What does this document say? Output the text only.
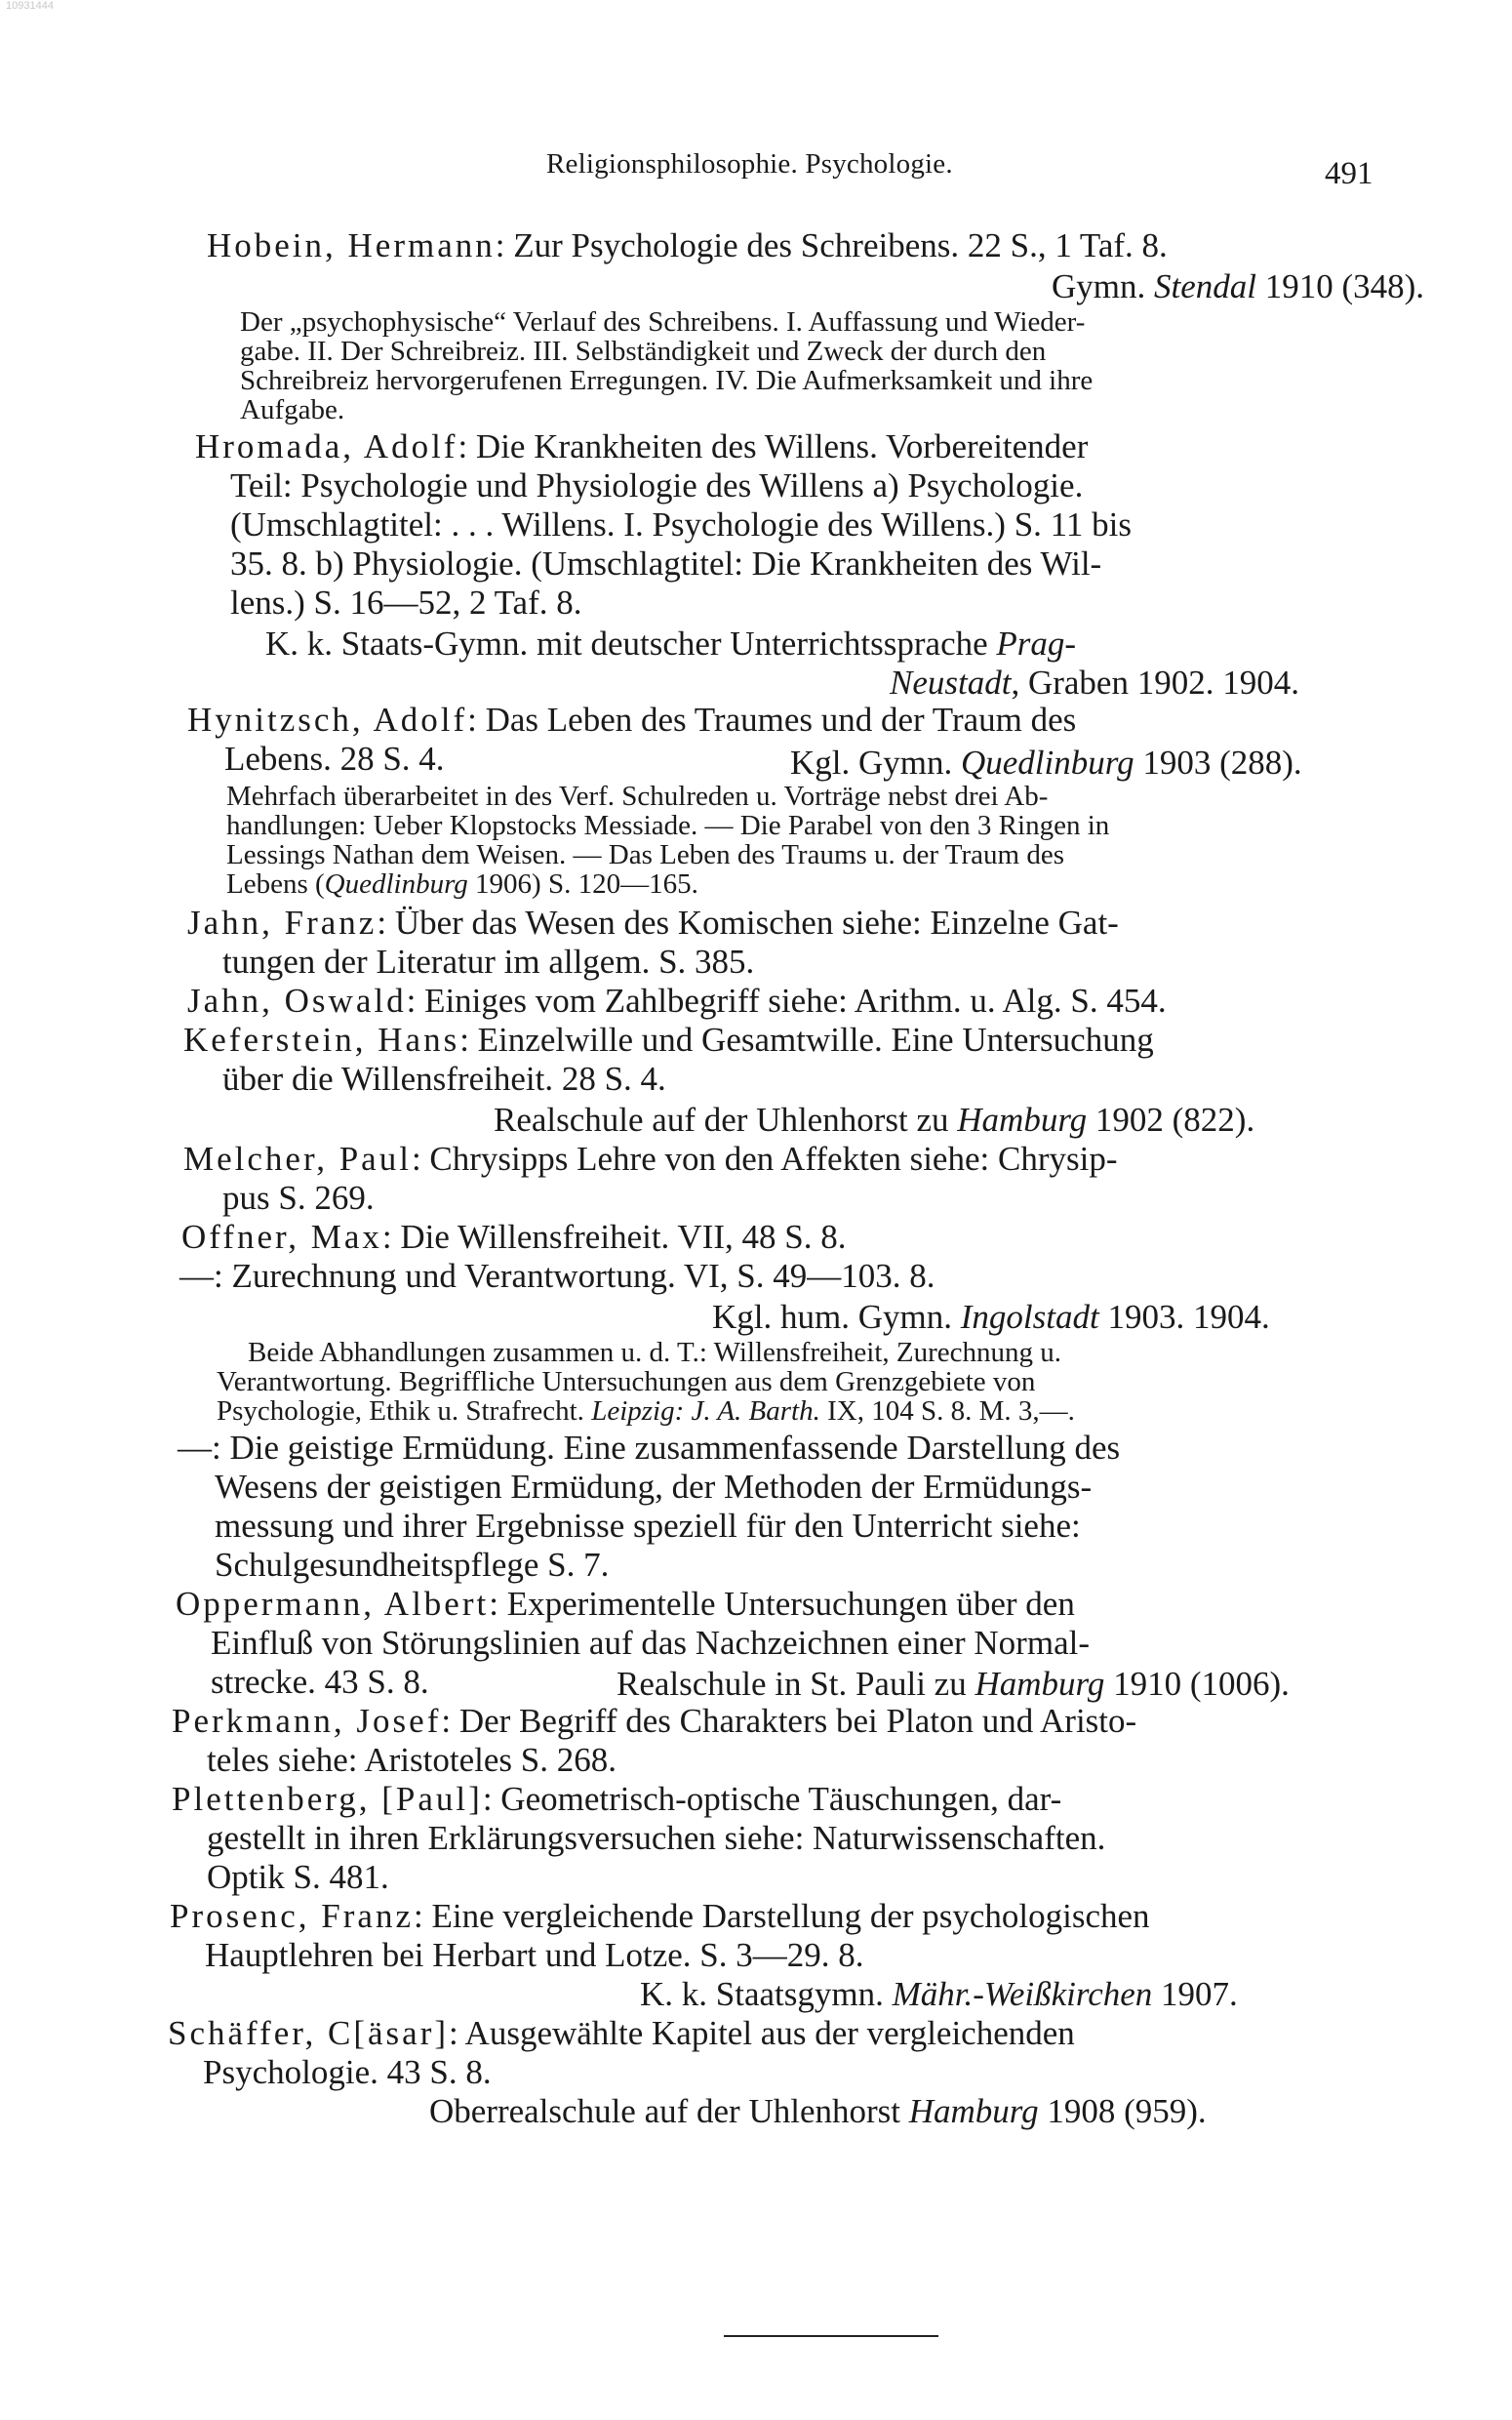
10931444
Religionsphilosophie. Psychologie.	491
Hobein, Hermann: Zur Psychologie des Schreibens. 22 S., 1 Taf. 8.
Gymn. Stendal 1910 (348).
Der „psychophysische“ Verlauf des Schreibens. I. Auffassung und Wieder-
gabe. II. Der Schreibreiz. III. Selbständigkeit und Zweck der durch den
Schreibreiz hervorgerufenen Erregungen. IV. Die Aufmerksamkeit und ihre
Aufgabe.
Hromada, Adolf: Die Krankheiten des Willens. Vorbereitender
Teil: Psychologie und Physiologie des Willens a) Psychologie.
(Umschlagtitel: . . . Willens. I. Psychologie des Willens.) S. 11 bis
35. 8. b) Physiologie. (Umschlagtitel: Die Krankheiten des Wil-
lens.) S. 16—52, 2 Taf. 8.
K. k. Staats-Gymn. mit deutscher Unterrichtssprache Prag-
Neustadt, Graben 1902. 1904.
Hynitzsch, Adolf: Das Leben des Traumes und der Traum des
Lebens. 28 S. 4.	Kgl. Gymn. Quedlinburg 1903 (288).
Mehrfach überarbeitet in des Verf. Schulreden u. Vorträge nebst drei Ab-
handlungen: Ueber Klopstocks Messiade. — Die Parabel von den 3 Ringen in
Lessings Nathan dem Weisen. — Das Leben des Traums u. der Traum des
Lebens (Quedlinburg 1906) S. 120—165.
Jahn, Franz: Über das Wesen des Komischen siehe: Einzelne Gat-
tungen der Literatur im allgem. S. 385.
Jahn, Oswald: Einiges vom Zahlbegriff siehe: Arithm. u. Alg. S. 454.
Keferstein, Hans: Einzelwille und Gesamtwille. Eine Untersuchung
über die Willensfreiheit. 28 S. 4.
Realschule auf der Uhlenhorst zu Hamburg 1902 (822).
Melcher, Paul: Chrysipps Lehre von den Affekten siehe: Chrysip-
pus S. 269.
Offner, Max: Die Willensfreiheit. VII, 48 S. 8.
—: Zurechnung und Verantwortung. VI, S. 49—103. 8.
Kgl. hum. Gymn. Ingolstadt 1903. 1904.
Beide Abhandlungen zusammen u. d. T.: Willensfreiheit, Zurechnung u.
Verantwortung. Begriffliche Untersuchungen aus dem Grenzgebiete von
Psychologie, Ethik u. Strafrecht. Leipzig: J. A. Barth. IX, 104 S. 8. M. 3,—.
—: Die geistige Ermüdung. Eine zusammenfassende Darstellung des
Wesens der geistigen Ermüdung, der Methoden der Ermüdungs-
messung und ihrer Ergebnisse speziell für den Unterricht siehe:
Schulgesundheitspflege S. 7.
Oppermann, Albert: Experimentelle Untersuchungen über den
Einfluß von Störungslinien auf das Nachzeichnen einer Normal-
strecke. 43 S. 8.	Realschule in St. Pauli zu Hamburg 1910 (1006).
Perkmann, Josef: Der Begriff des Charakters bei Platon und Aristo-
teles siehe: Aristoteles S. 268.
Plettenberg, [Paul]: Geometrisch-optische Täuschungen, dar-
gestellt in ihren Erklärungsversuchen siehe: Naturwissenschaften.
Optik S. 481.
Prosenc, Franz: Eine vergleichende Darstellung der psychologischen
Hauptlehren bei Herbart und Lotze. S. 3—29. 8.
K. k. Staatsgymn. Mähr.-Weißkirchen 1907.
Schäffer, C[äsar]: Ausgewählte Kapitel aus der vergleichenden
Psychologie. 43 S. 8.
Oberrealschule auf der Uhlenhorst Hamburg 1908 (959).
